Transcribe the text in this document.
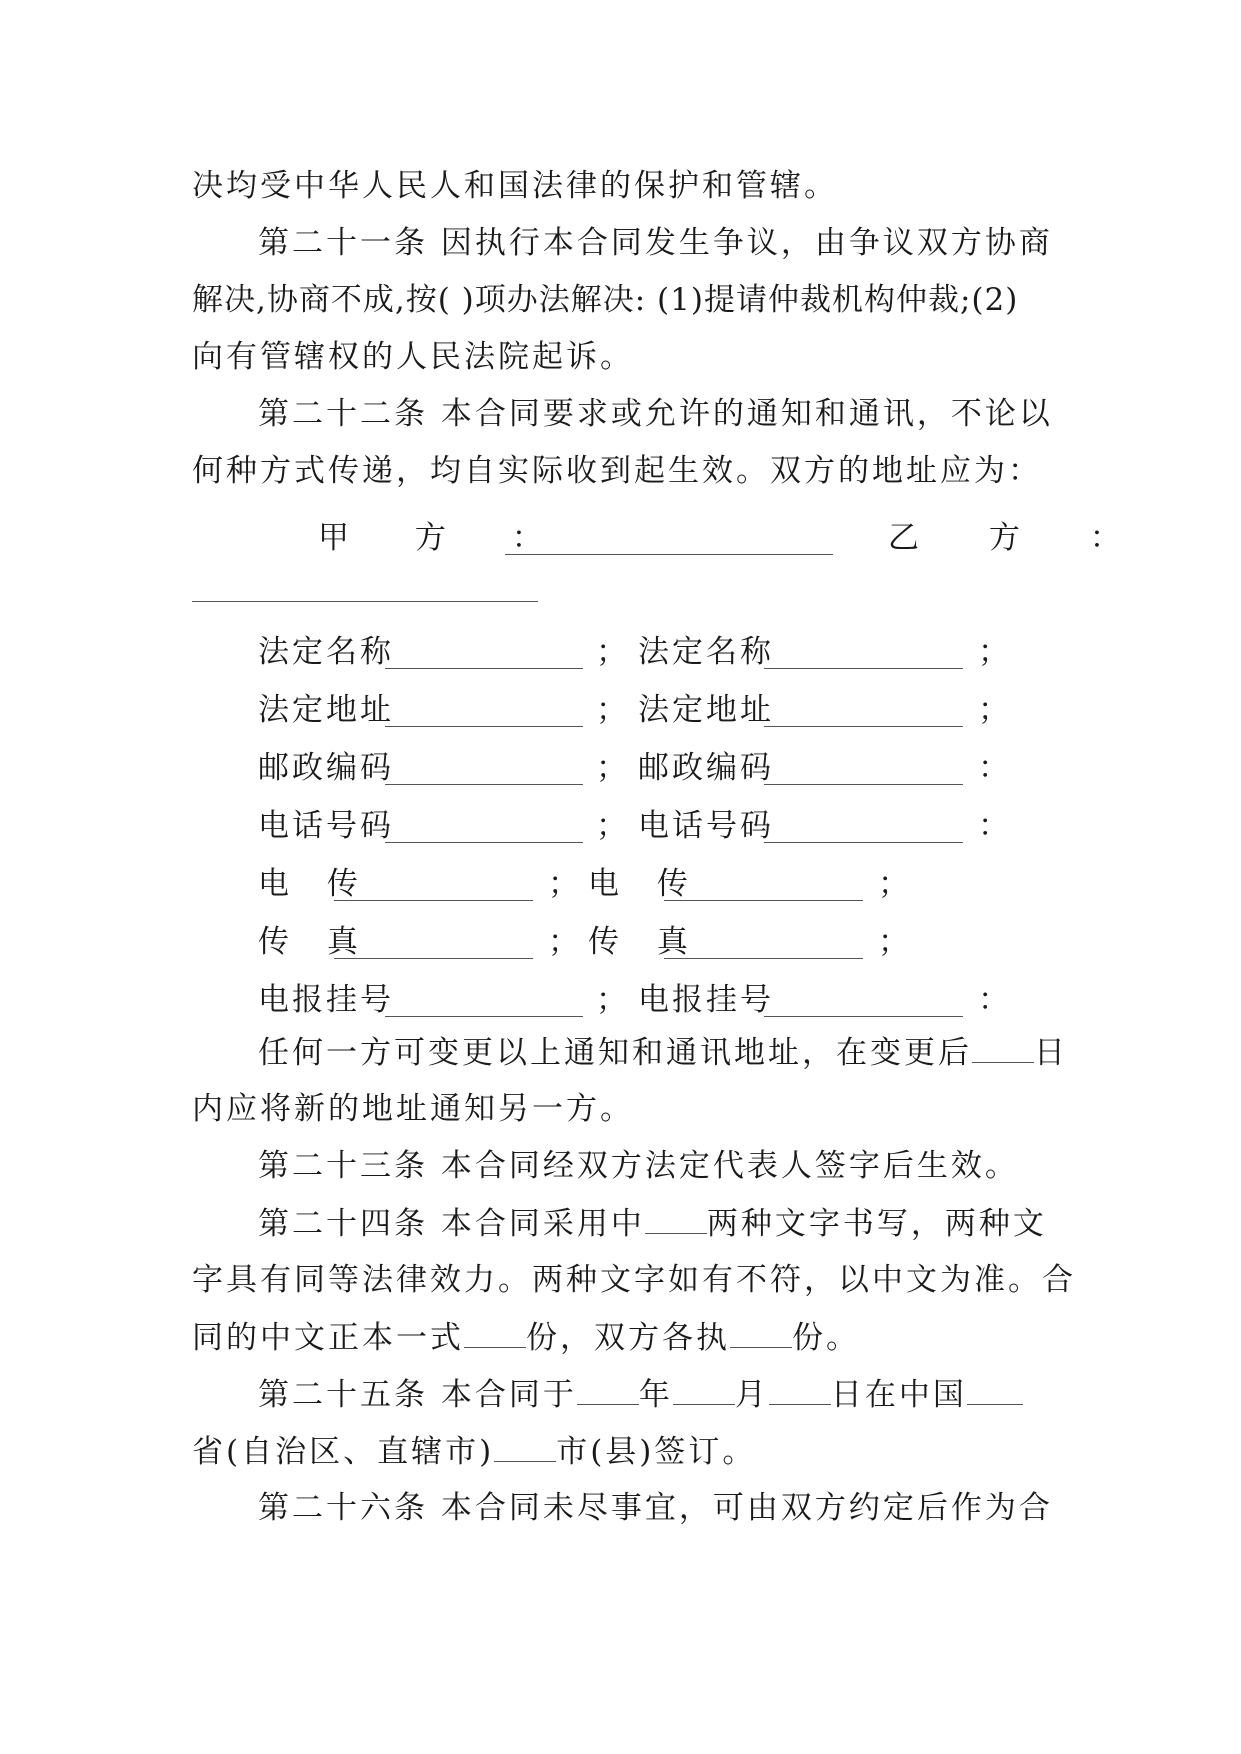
决均受中华人民人和国法律的保护和管辖。
第二十一条 因执行本合同发生争议，由争议双方协商
解决,协商不成,按( )项办法解决: (1)提请仲裁机构仲裁;(2)
向有管辖权的人民法院起诉。
第二十二条 本合同要求或允许的通知和通讯，不论以
何种方式传递，均自实际收到起生效。双方的地址应为：
甲 方 ：	乙 方 ：
法定名称	； 法定名称	；
法定地址	； 法定地址	；
邮政编码	； 邮政编码	：
电话号码	； 电话号码	：
电 传	； 电 传	；
传 真	； 传 真	；
电报挂号	； 电报挂号	：
任何一方可变更以上通知和通讯地址，在变更后 日
内应将新的地址通知另一方。
第二十三条 本合同经双方法定代表人签字后生效。
第二十四条 本合同采用中 两种文字书写，两种文
字具有同等法律效力。两种文字如有不符，以中文为准。合
同的中文正本一式 份，双方各执 份。
第二十五条 本合同于 年 月 日在中国
省(自治区、直辖市) 市(县)签订。
第二十六条 本合同未尽事宜，可由双方约定后作为合
